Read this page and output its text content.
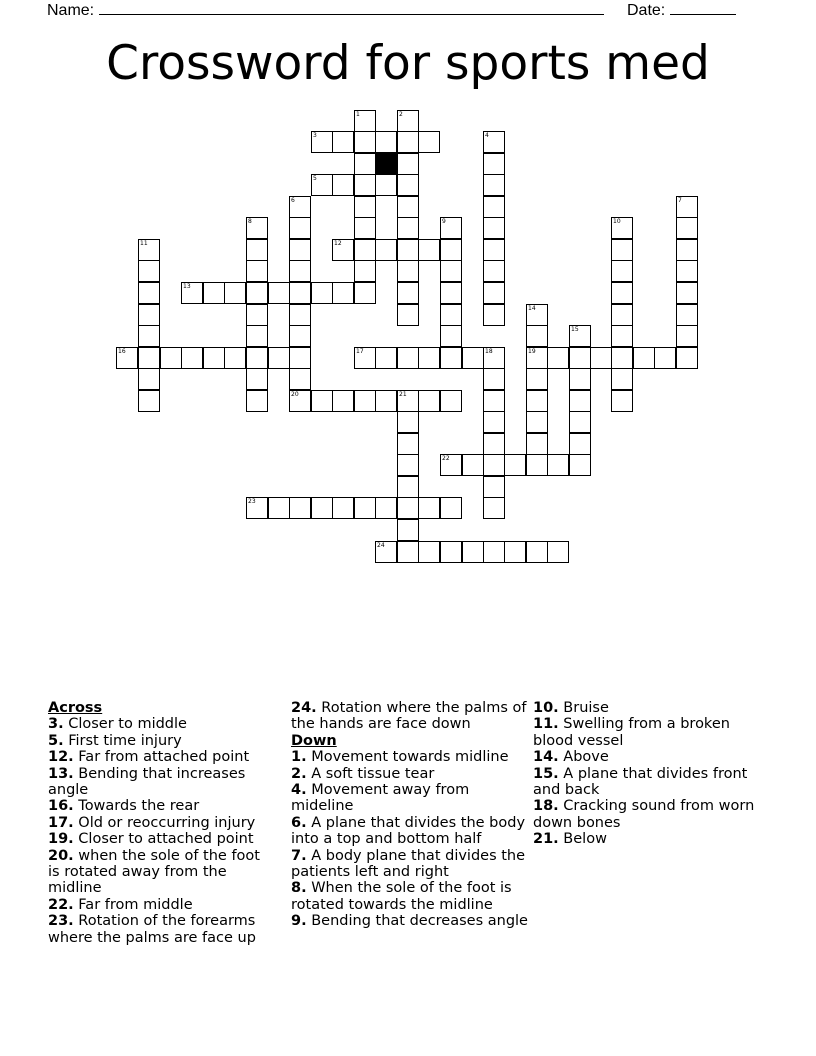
Name:	Date:
Crossword for sports med
1	2
3	4
5
6	7
8	9	10
11	12
13
14
15
16	17	18	19
20	21
22
23
24
Across
3. Closer to middle
5. First time injury
12. Far from attached point
13. Bending that increases angle
16. Towards the rear
17. Old or reoccurring injury
19. Closer to attached point
20. when the sole of the foot is rotated away from the midline
22. Far from middle
23. Rotation of the forearms where the palms are face up
24. Rotation where the palms of the hands are face down
Down
1. Movement towards midline
2. A soft tissue tear
4. Movement away from mideline
6. A plane that divides the body into a top and bottom half
7. A body plane that divides the patients left and right
8. When the sole of the foot is rotated towards the midline
9. Bending that decreases angle
10. Bruise
11. Swelling from a broken blood vessel
14. Above
15. A plane that divides front and back
18. Cracking sound from worn down bones
21. Below
